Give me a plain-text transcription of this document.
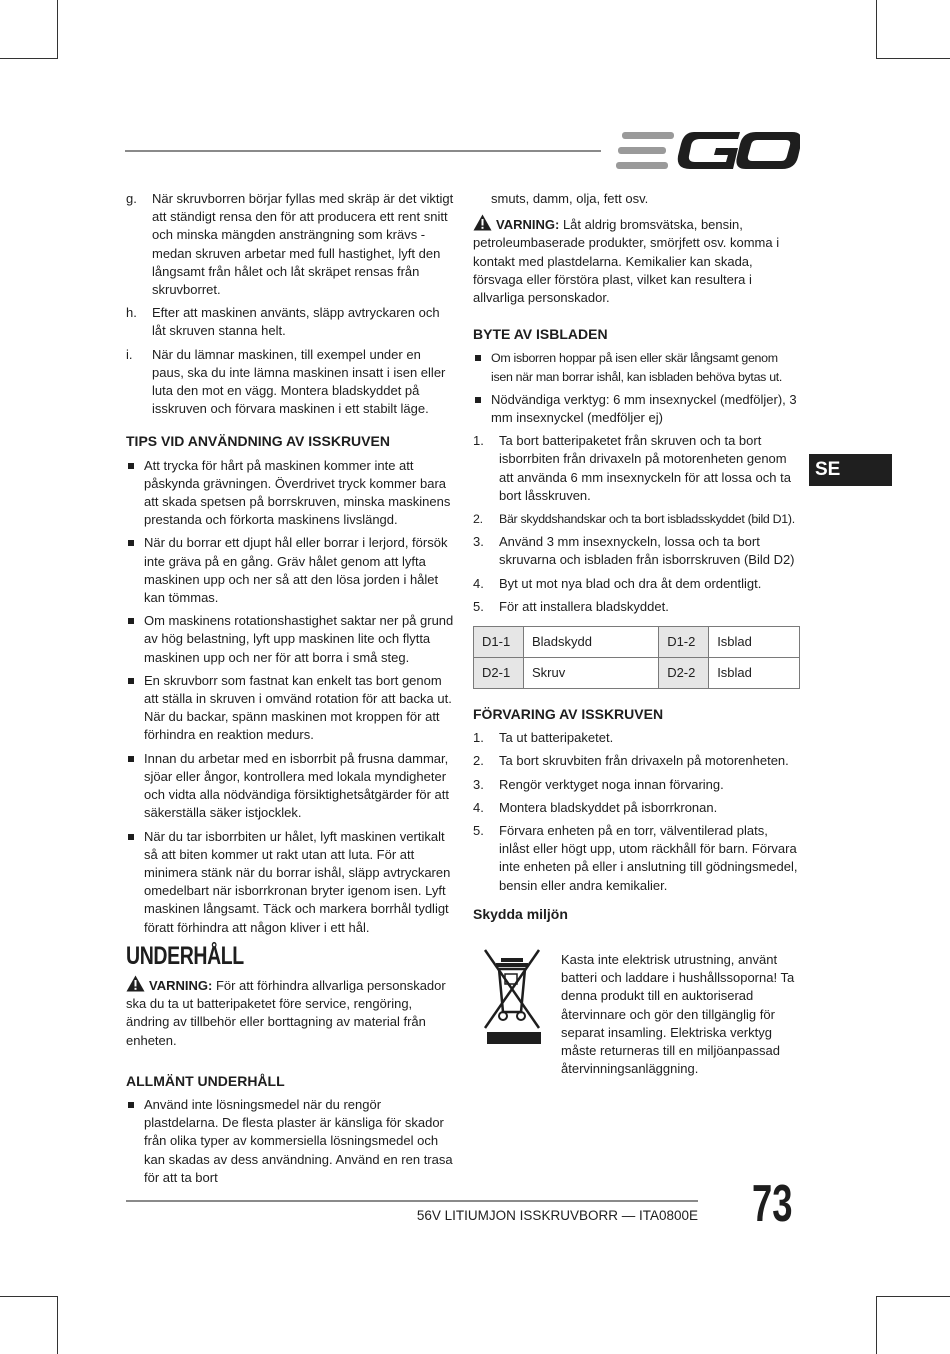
SE
g. När skruvborren börjar fyllas med skräp är det viktigt att ständigt rensa den för att producera ett rent snitt och minska mängden ansträngning som krävs - medan skruven arbetar med full hastighet, lyft den långsamt från hålet och låt skräpet rensas från skruvborret.

h. Efter att maskinen använts, släpp avtryckaren och låt skruven stanna helt.

i. När du lämnar maskinen, till exempel under en paus, ska du inte lämna maskinen insatt i isen eller luta den mot en vägg. Montera bladskyddet på isskruven och förvara maskinen i ett stabilt läge.

TIPS VID ANVÄNDNING AV ISSKRUVEN

Att trycka för hårt på maskinen kommer inte att påskynda grävningen. Överdrivet tryck kommer bara att skada spetsen på borrskruven, minska maskinens prestanda och förkorta maskinens livslängd.

När du borrar ett djupt hål eller borrar i lerjord, försök inte gräva på en gång. Gräv hålet genom att lyfta maskinen upp och ner så att den lösa jorden i hålet kan tömmas.

Om maskinens rotationshastighet saktar ner på grund av hög belastning, lyft upp maskinen lite och flytta maskinen upp och ner för att borra i små steg.

En skruvborr som fastnat kan enkelt tas bort genom att ställa in skruven i omvänd rotation för att backa ut. När du backar, spänn maskinen mot kroppen för att förhindra en reaktion medurs.

Innan du arbetar med en isborrbit på frusna dammar, sjöar eller ångor, kontrollera med lokala myndigheter och vidta alla nödvändiga försiktighetsåtgärder för att säkerställa säker istjocklek.

När du tar isborrbiten ur hålet, lyft maskinen vertikalt så att biten kommer ut rakt utan att luta. För att minimera stänk när du borrar ishål, släpp avtryckaren omedelbart när isborrkronan bryter igenom isen. Lyft maskinen långsamt. Täck och markera borrhål tydligt föratt förhindra att någon kliver i ett hål.

UNDERHÅLL

VARNING: För att förhindra allvarliga personskador ska du ta ut batteripaketet före service, rengöring, ändring av tillbehör eller borttagning av material från enheten.

ALLMÄNT UNDERHÅLL

Använd inte lösningsmedel när du rengör plastdelarna. De flesta plaster är känsliga för skador från olika typer av kommersiella lösningsmedel och kan skadas av dess användning. Använd en ren trasa för att ta bort

smuts, damm, olja, fett osv.

VARNING: Låt aldrig bromsvätska, bensin, petroleumbaserade produkter, smörjfett osv. komma i kontakt med plastdelarna. Kemikalier kan skada, försvaga eller förstöra plast, vilket kan resultera i allvarliga personskador.

BYTE AV ISBLADEN

Om isborren hoppar på isen eller skär långsamt genom isen när man borrar ishål, kan isbladen behöva bytas ut.

Nödvändiga verktyg: 6 mm insexnyckel (medföljer), 3 mm insexnyckel (medföljer ej)

1. Ta bort batteripaketet från skruven och ta bort isborrbiten från drivaxeln på motorenheten genom att använda 6 mm insexnyckeln för att lossa och ta bort låsskruven.

2. Bär skyddshandskar och ta bort isbladsskyddet (bild D1).

3. Använd 3 mm insexnyckeln, lossa och ta bort skruvarna och isbladen från isborrskruven (Bild D2)

4. Byt ut mot nya blad och dra åt dem ordentligt.

5. För att installera bladskyddet.

D1-1	Bladskydd	D1-2	Isblad
D2-1	Skruv	D2-2	Isblad
FÖRVARING AV ISSKRUVEN
1. Ta ut batteripaketet.

2. Ta bort skruvbiten från drivaxeln på motorenheten.

3. Rengör verktyget noga innan förvaring.

4. Montera bladskyddet på isborrkronan.

5. Förvara enheten på en torr, välventilerad plats, inlåst eller högt upp, utom räckhåll för barn. Förvara inte enheten på eller i anslutning till gödningsmedel, bensin eller andra kemikalier.

Skydda miljön

Kasta inte elektrisk utrustning, använt batteri och laddare i hushållssoporna! Ta denna produkt till en auktoriserad återvinnare och gör den tillgänglig för separat insamling. Elektriska verktyg måste returneras till en miljöanpassad återvinningsanläggning.

56V LITIUMJON ISSKRUVBORR — ITA0800E 73
